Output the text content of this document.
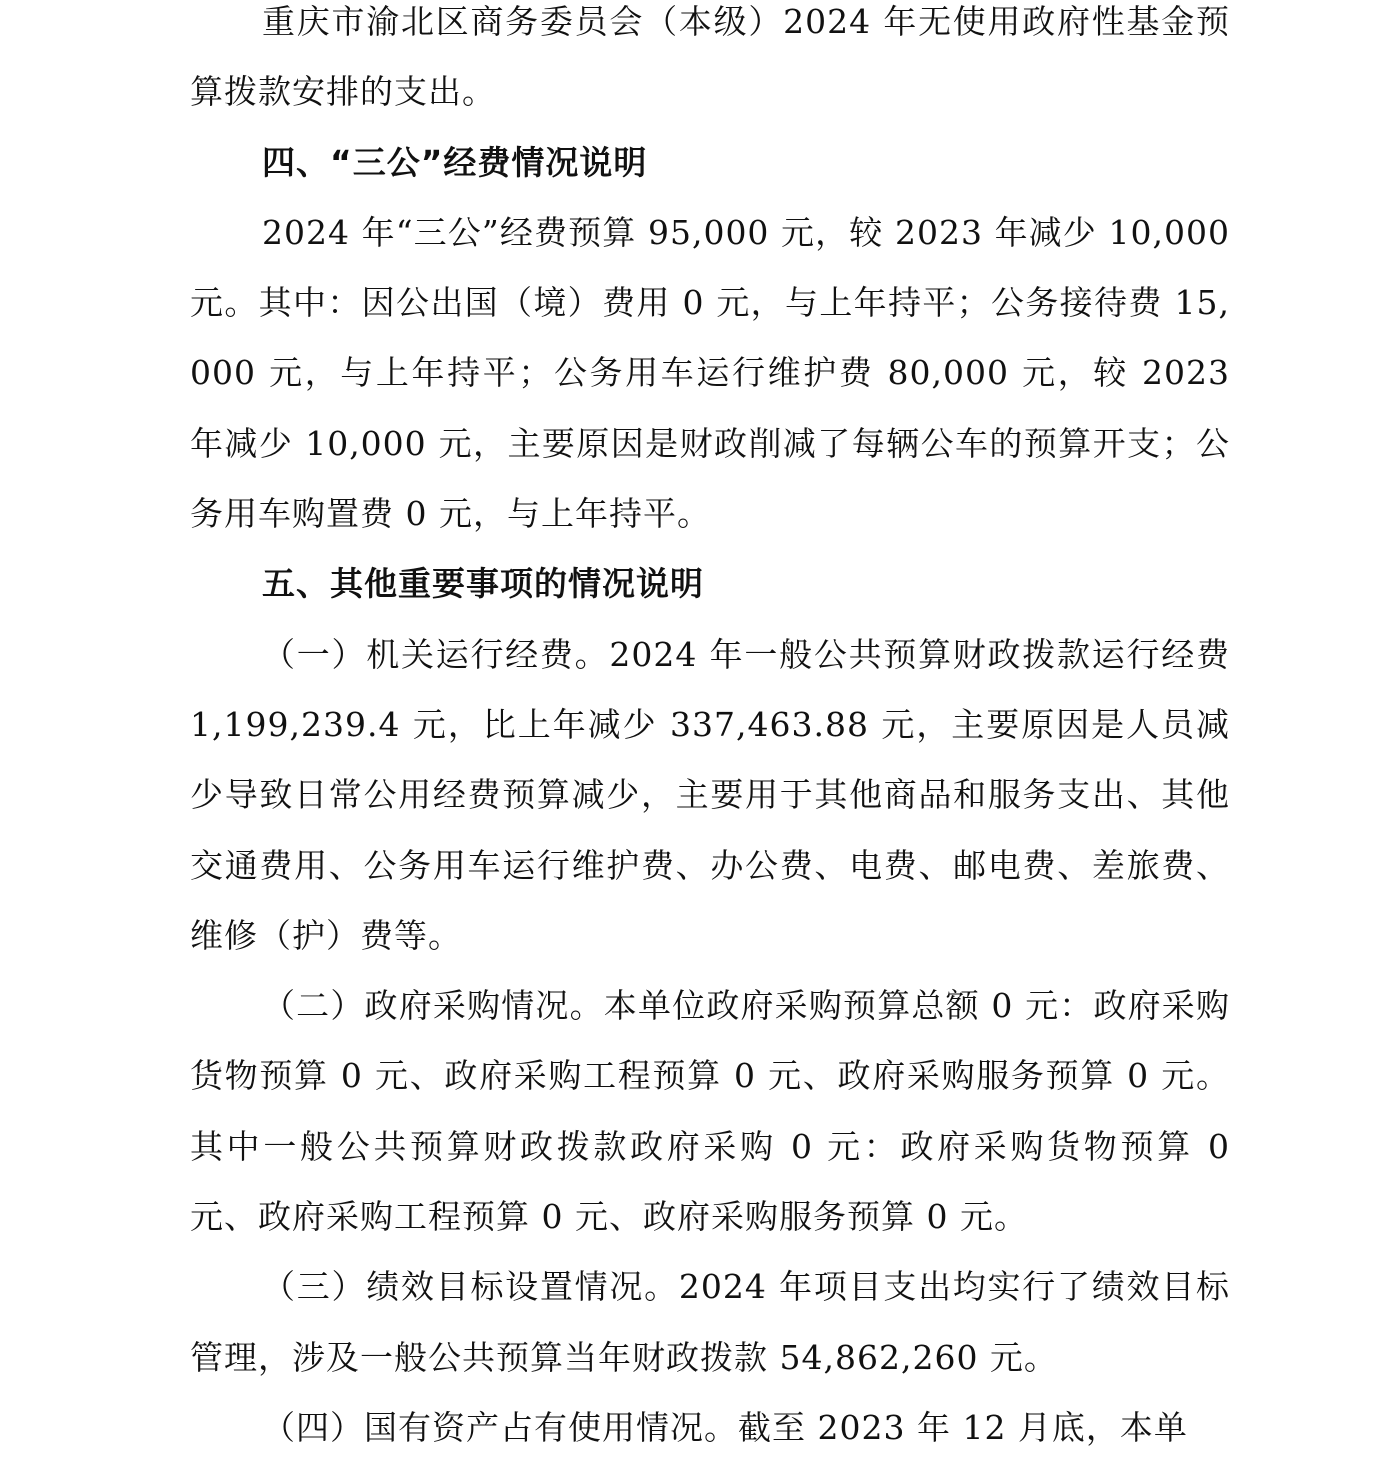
重庆市渝北区商务委员会（本级）2024 年无使用政府性基金预算拨款安排的支出。

四、“三公”经费情况说明

2024 年“三公”经费预算 95,000 元，较 2023 年减少 10,000 元。其中：因公出国（境）费用 0 元，与上年持平；公务接待费 15,000 元，与上年持平；公务用车运行维护费 80,000 元，较 2023 年减少 10,000 元，主要原因是财政削减了每辆公车的预算开支；公务用车购置费 0 元，与上年持平。

五、其他重要事项的情况说明

（一）机关运行经费。2024 年一般公共预算财政拨款运行经费 1,199,239.4 元，比上年减少 337,463.88 元，主要原因是人员减少导致日常公用经费预算减少，主要用于其他商品和服务支出、其他交通费用、公务用车运行维护费、办公费、电费、邮电费、差旅费、维修（护）费等。

（二）政府采购情况。本单位政府采购预算总额 0 元：政府采购货物预算 0 元、政府采购工程预算 0 元、政府采购服务预算 0 元。其中一般公共预算财政拨款政府采购 0 元：政府采购货物预算 0 元、政府采购工程预算 0 元、政府采购服务预算 0 元。

（三）绩效目标设置情况。2024 年项目支出均实行了绩效目标管理，涉及一般公共预算当年财政拨款 54,862,260 元。

（四）国有资产占有使用情况。截至 2023 年 12 月底，本单
